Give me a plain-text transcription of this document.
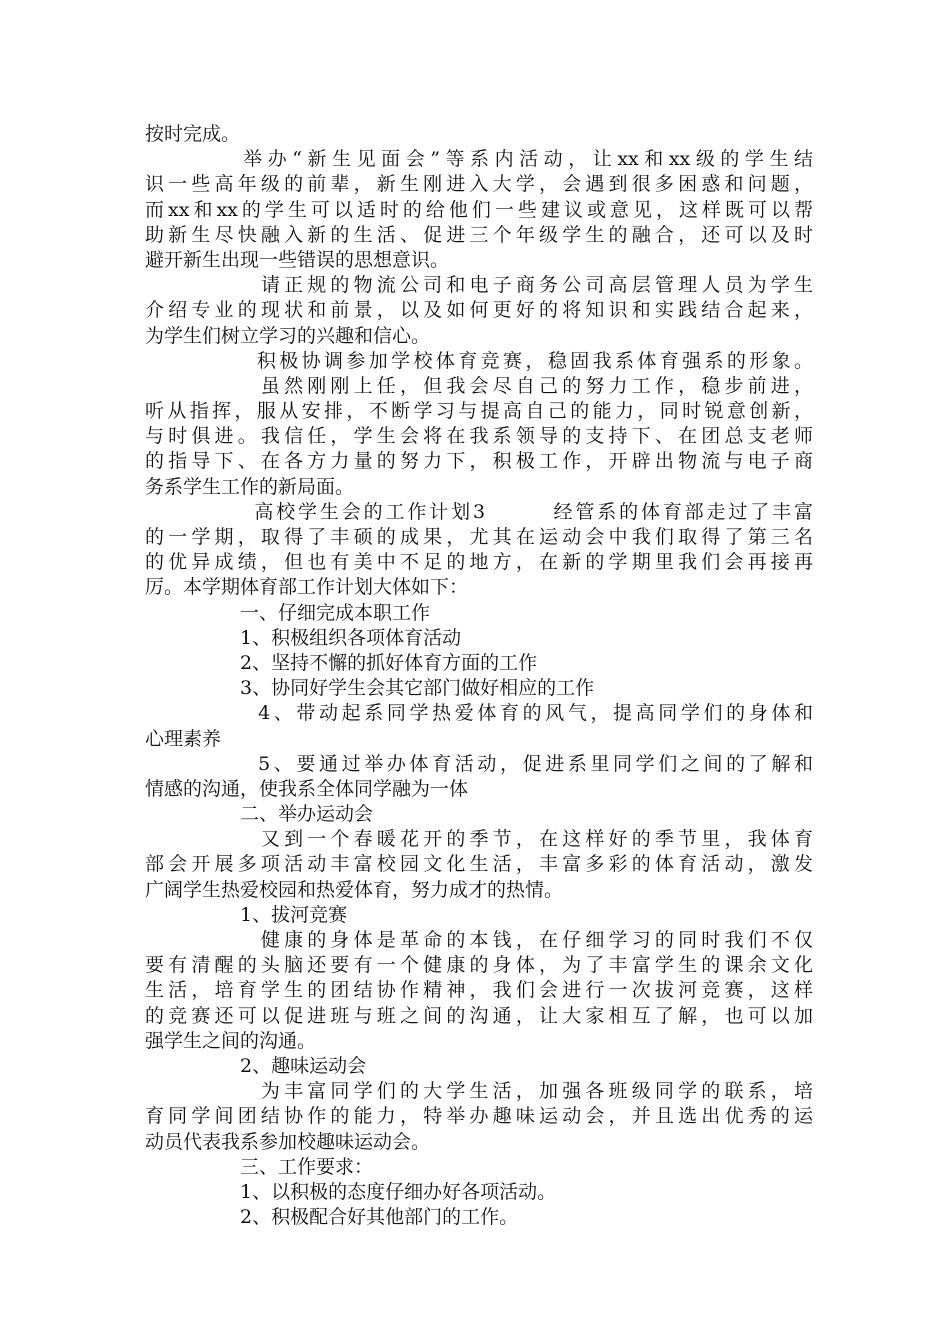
按时完成。
　　　　举办“新生见面会”等系内活动，让xx和xx级的学生结
识一些高年级的前辈，新生刚进入大学，会遇到很多困惑和问题，
而xx和xx的学生可以适时的给他们一些建议或意见，这样既可以帮
助新生尽快融入新的生活、促进三个年级学生的融合，还可以及时
避开新生出现一些错误的思想意识。
　　　　　请正规的物流公司和电子商务公司高层管理人员为学生
介绍专业的现状和前景，以及如何更好的将知识和实践结合起来，
为学生们树立学习的兴趣和信心。
　　　　　积极协调参加学校体育竞赛，稳固我系体育强系的形象。
　　　　　虽然刚刚上任，但我会尽自己的努力工作，稳步前进，
听从指挥，服从安排，不断学习与提高自己的能力，同时锐意创新，
与时俱进。我信任，学生会将在我系领导的支持下、在团总支老师
的指导下、在各方力量的努力下，积极工作，开辟出物流与电子商
务系学生工作的新局面。
　　　　　高校学生会的工作计划3　　　经管系的体育部走过了丰富
的一学期，取得了丰硕的成果，尤其在运动会中我们取得了第三名
的优异成绩，但也有美中不足的地方，在新的学期里我们会再接再
厉。本学期体育部工作计划大体如下：
　　　　　一、仔细完成本职工作
　　　　　1、积极组织各项体育活动
　　　　　2、坚持不懈的抓好体育方面的工作
　　　　　3、协同好学生会其它部门做好相应的工作
　　　　　4、带动起系同学热爱体育的风气，提高同学们的身体和
心理素养
　　　　　5、要通过举办体育活动，促进系里同学们之间的了解和
情感的沟通，使我系全体同学融为一体
　　　　　二、举办运动会
　　　　　又到一个春暖花开的季节，在这样好的季节里，我体育
部会开展多项活动丰富校园文化生活，丰富多彩的体育活动，激发
广阔学生热爱校园和热爱体育，努力成才的热情。
　　　　　1、拔河竞赛
　　　　　健康的身体是革命的本钱，在仔细学习的同时我们不仅
要有清醒的头脑还要有一个健康的身体，为了丰富学生的课余文化
生活，培育学生的团结协作精神，我们会进行一次拔河竞赛，这样
的竞赛还可以促进班与班之间的沟通，让大家相互了解，也可以加
强学生之间的沟通。
　　　　　2、趣味运动会
　　　　　为丰富同学们的大学生活，加强各班级同学的联系，培
育同学间团结协作的能力，特举办趣味运动会，并且选出优秀的运
动员代表我系参加校趣味运动会。
　　　　　三、工作要求：
　　　　　1、以积极的态度仔细办好各项活动。
　　　　　2、积极配合好其他部门的工作。
